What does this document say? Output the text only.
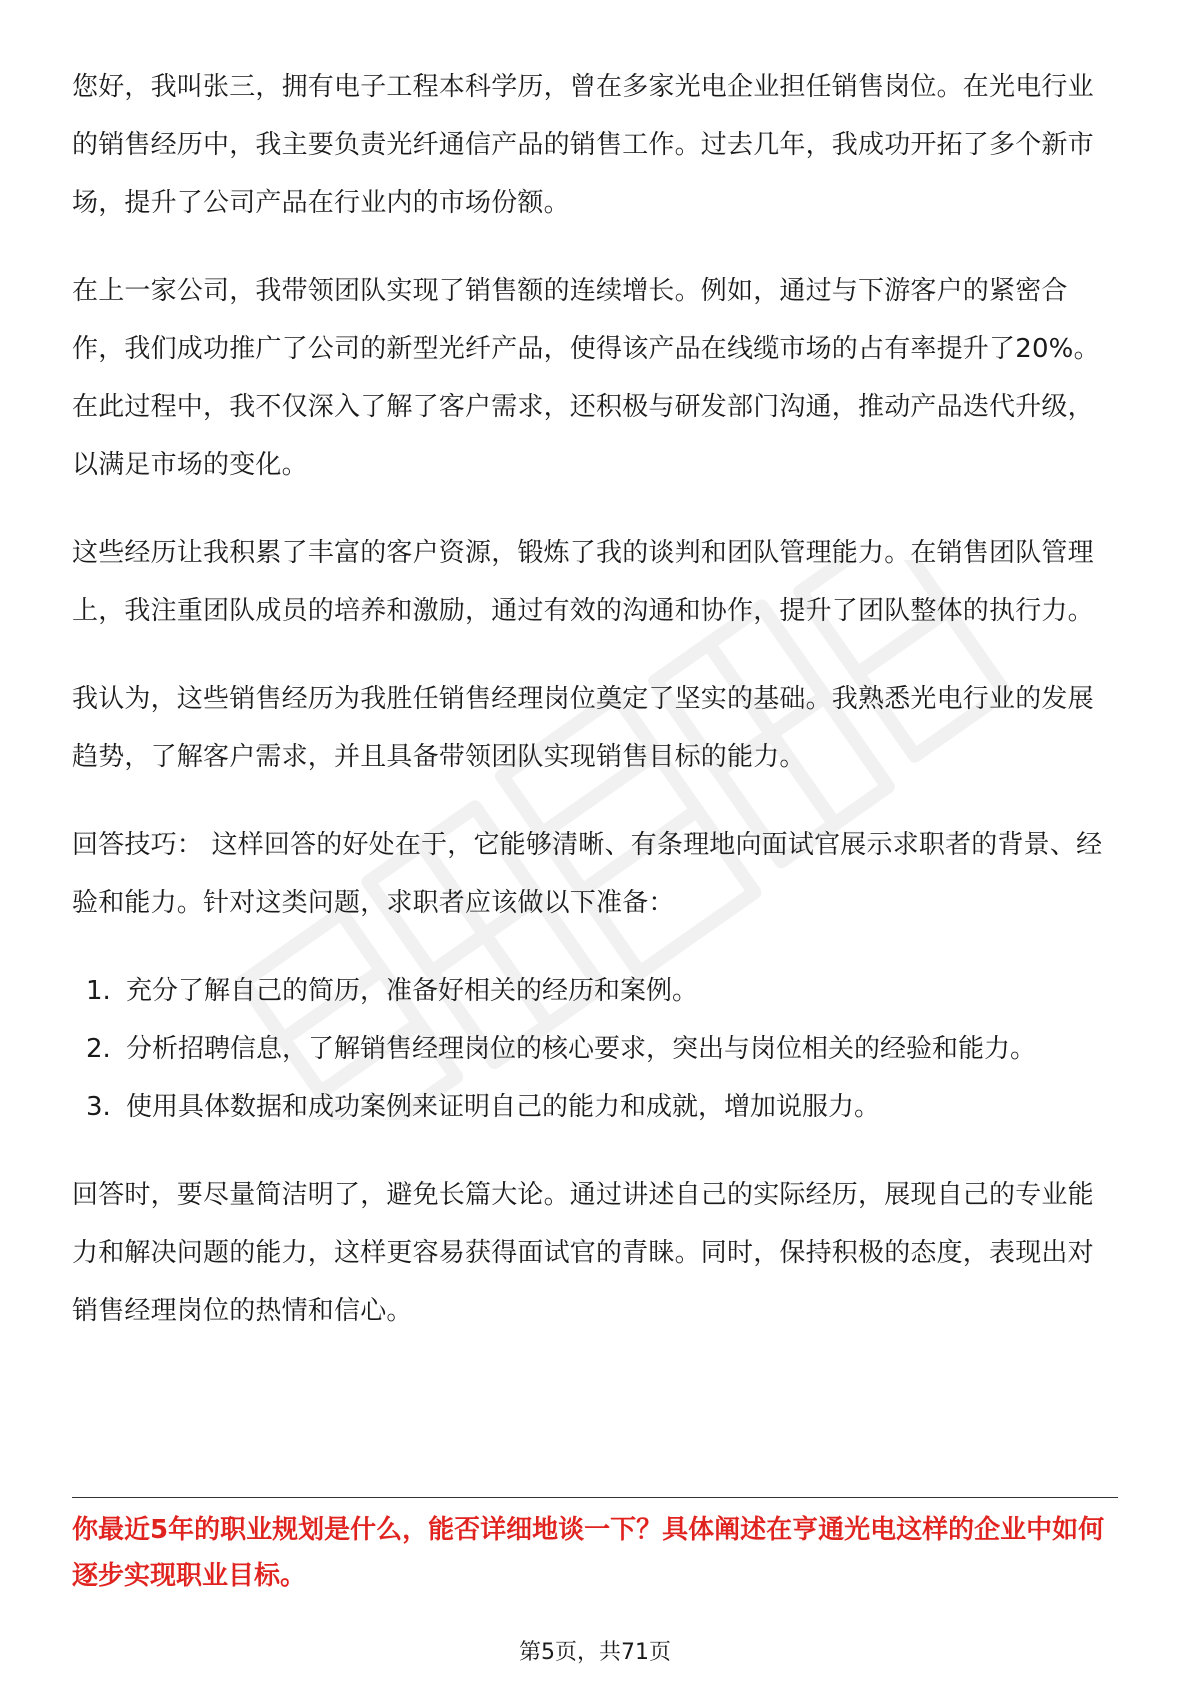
您好，我叫张三，拥有电子工程本科学历，曾在多家光电企业担任销售岗位。在光电行业的销售经历中，我主要负责光纤通信产品的销售工作。过去几年，我成功开拓了多个新市场，提升了公司产品在行业内的市场份额。

在上一家公司，我带领团队实现了销售额的连续增长。例如，通过与下游客户的紧密合作，我们成功推广了公司的新型光纤产品，使得该产品在线缆市场的占有率提升了20%。在此过程中，我不仅深入了解了客户需求，还积极与研发部门沟通，推动产品迭代升级，以满足市场的变化。

这些经历让我积累了丰富的客户资源，锻炼了我的谈判和团队管理能力。在销售团队管理上，我注重团队成员的培养和激励，通过有效的沟通和协作，提升了团队整体的执行力。

我认为，这些销售经历为我胜任销售经理岗位奠定了坚实的基础。我熟悉光电行业的发展趋势，了解客户需求，并且具备带领团队实现销售目标的能力。

回答技巧： 这样回答的好处在于，它能够清晰、有条理地向面试官展示求职者的背景、经验和能力。针对这类问题，求职者应该做以下准备：

1. 充分了解自己的简历，准备好相关的经历和案例。
2. 分析招聘信息，了解销售经理岗位的核心要求，突出与岗位相关的经验和能力。
3. 使用具体数据和成功案例来证明自己的能力和成就，增加说服力。

回答时，要尽量简洁明了，避免长篇大论。通过讲述自己的实际经历，展现自己的专业能力和解决问题的能力，这样更容易获得面试官的青睐。同时，保持积极的态度，表现出对销售经理岗位的热情和信心。

你最近5年的职业规划是什么，能否详细地谈一下？具体阐述在亨通光电这样的企业中如何逐步实现职业目标。
第5页，共71页
